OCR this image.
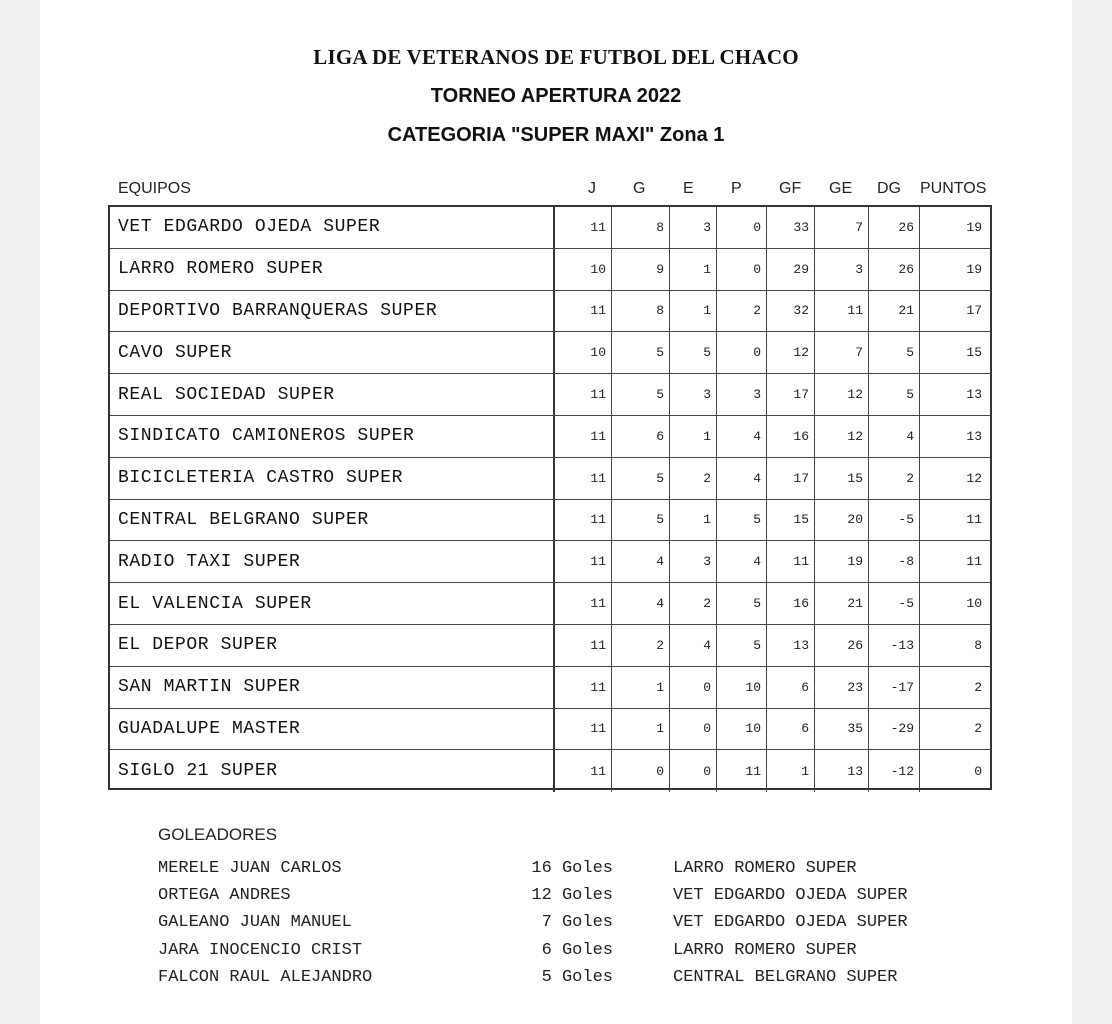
LIGA DE VETERANOS DE FUTBOL DEL CHACO
TORNEO APERTURA 2022
CATEGORIA "SUPER MAXI" Zona 1
EQUIPOS	J G E P GF GE DG PUNTOS
VET EDGARDO OJEDA SUPER	11	8	3	0	33	7	26	19
LARRO ROMERO SUPER	10	9	1	0	29	3	26	19
DEPORTIVO BARRANQUERAS SUPER	11	8	1	2	32	11	21	17
CAVO SUPER	10	5	5	0	12	7	5	15
REAL SOCIEDAD SUPER	11	5	3	3	17	12	5	13
SINDICATO CAMIONEROS SUPER	11	6	1	4	16	12	4	13
BICICLETERIA CASTRO SUPER	11	5	2	4	17	15	2	12
CENTRAL BELGRANO SUPER	11	5	1	5	15	20	-5	11
RADIO TAXI SUPER	11	4	3	4	11	19	-8	11
EL VALENCIA SUPER	11	4	2	5	16	21	-5	10
EL DEPOR SUPER	11	2	4	5	13	26	-13	8
SAN MARTIN SUPER	11	1	0	10	6	23	-17	2
GUADALUPE MASTER	11	1	0	10	6	35	-29	2
SIGLO 21 SUPER	11	0	0	11	1	13	-12	0
GOLEADORES
MERELE JUAN CARLOS	16 Goles	LARRO ROMERO SUPER
ORTEGA ANDRES	12 Goles	VET EDGARDO OJEDA SUPER
GALEANO JUAN MANUEL	7 Goles	VET EDGARDO OJEDA SUPER
JARA INOCENCIO CRIST	6 Goles	LARRO ROMERO SUPER
FALCON RAUL ALEJANDRO	5 Goles	CENTRAL BELGRANO SUPER
